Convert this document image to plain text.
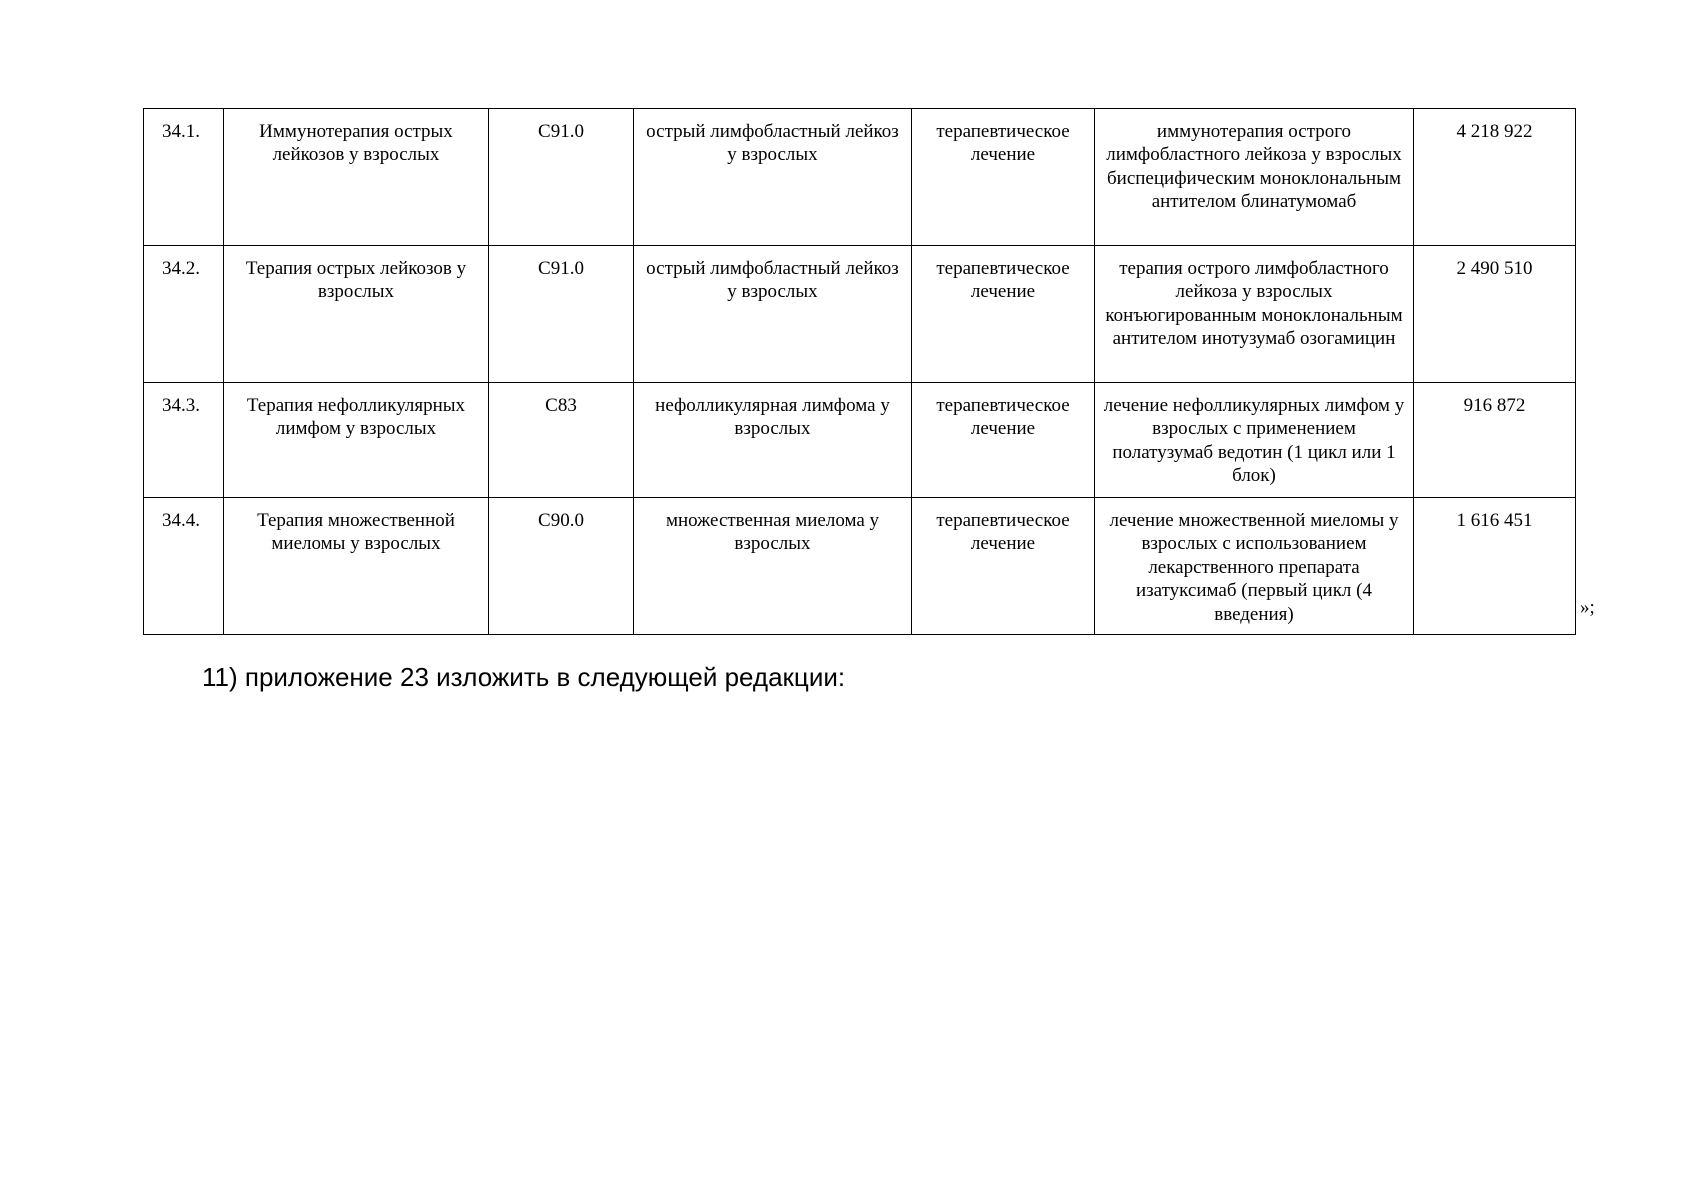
34.1.	Иммунотерапия острых лейкозов у взрослых	C91.0	острый лимфобластный лейкоз у взрослых	терапевтическое лечение	иммунотерапия острого лимфобластного лейкоза у взрослых биспецифическим моноклональным антителом блинатумомаб	4 218 922
34.2.	Терапия острых лейкозов у взрослых	C91.0	острый лимфобластный лейкоз у взрослых	терапевтическое лечение	терапия острого лимфобластного лейкоза у взрослых конъюгированным моноклональным антителом инотузумаб озогамицин	2 490 510
34.3.	Терапия нефолликулярных лимфом у взрослых	C83	нефолликулярная лимфома у взрослых	терапевтическое лечение	лечение нефолликулярных лимфом у взрослых с применением полатузумаб ведотин (1 цикл или 1 блок)	916 872
34.4.	Терапия множественной миеломы у взрослых	C90.0	множественная миелома у взрослых	терапевтическое лечение	лечение множественной миеломы у взрослых с использованием лекарственного препарата изатуксимаб (первый цикл (4 введения)	1 616 451
»;
11) приложение 23 изложить в следующей редакции:
